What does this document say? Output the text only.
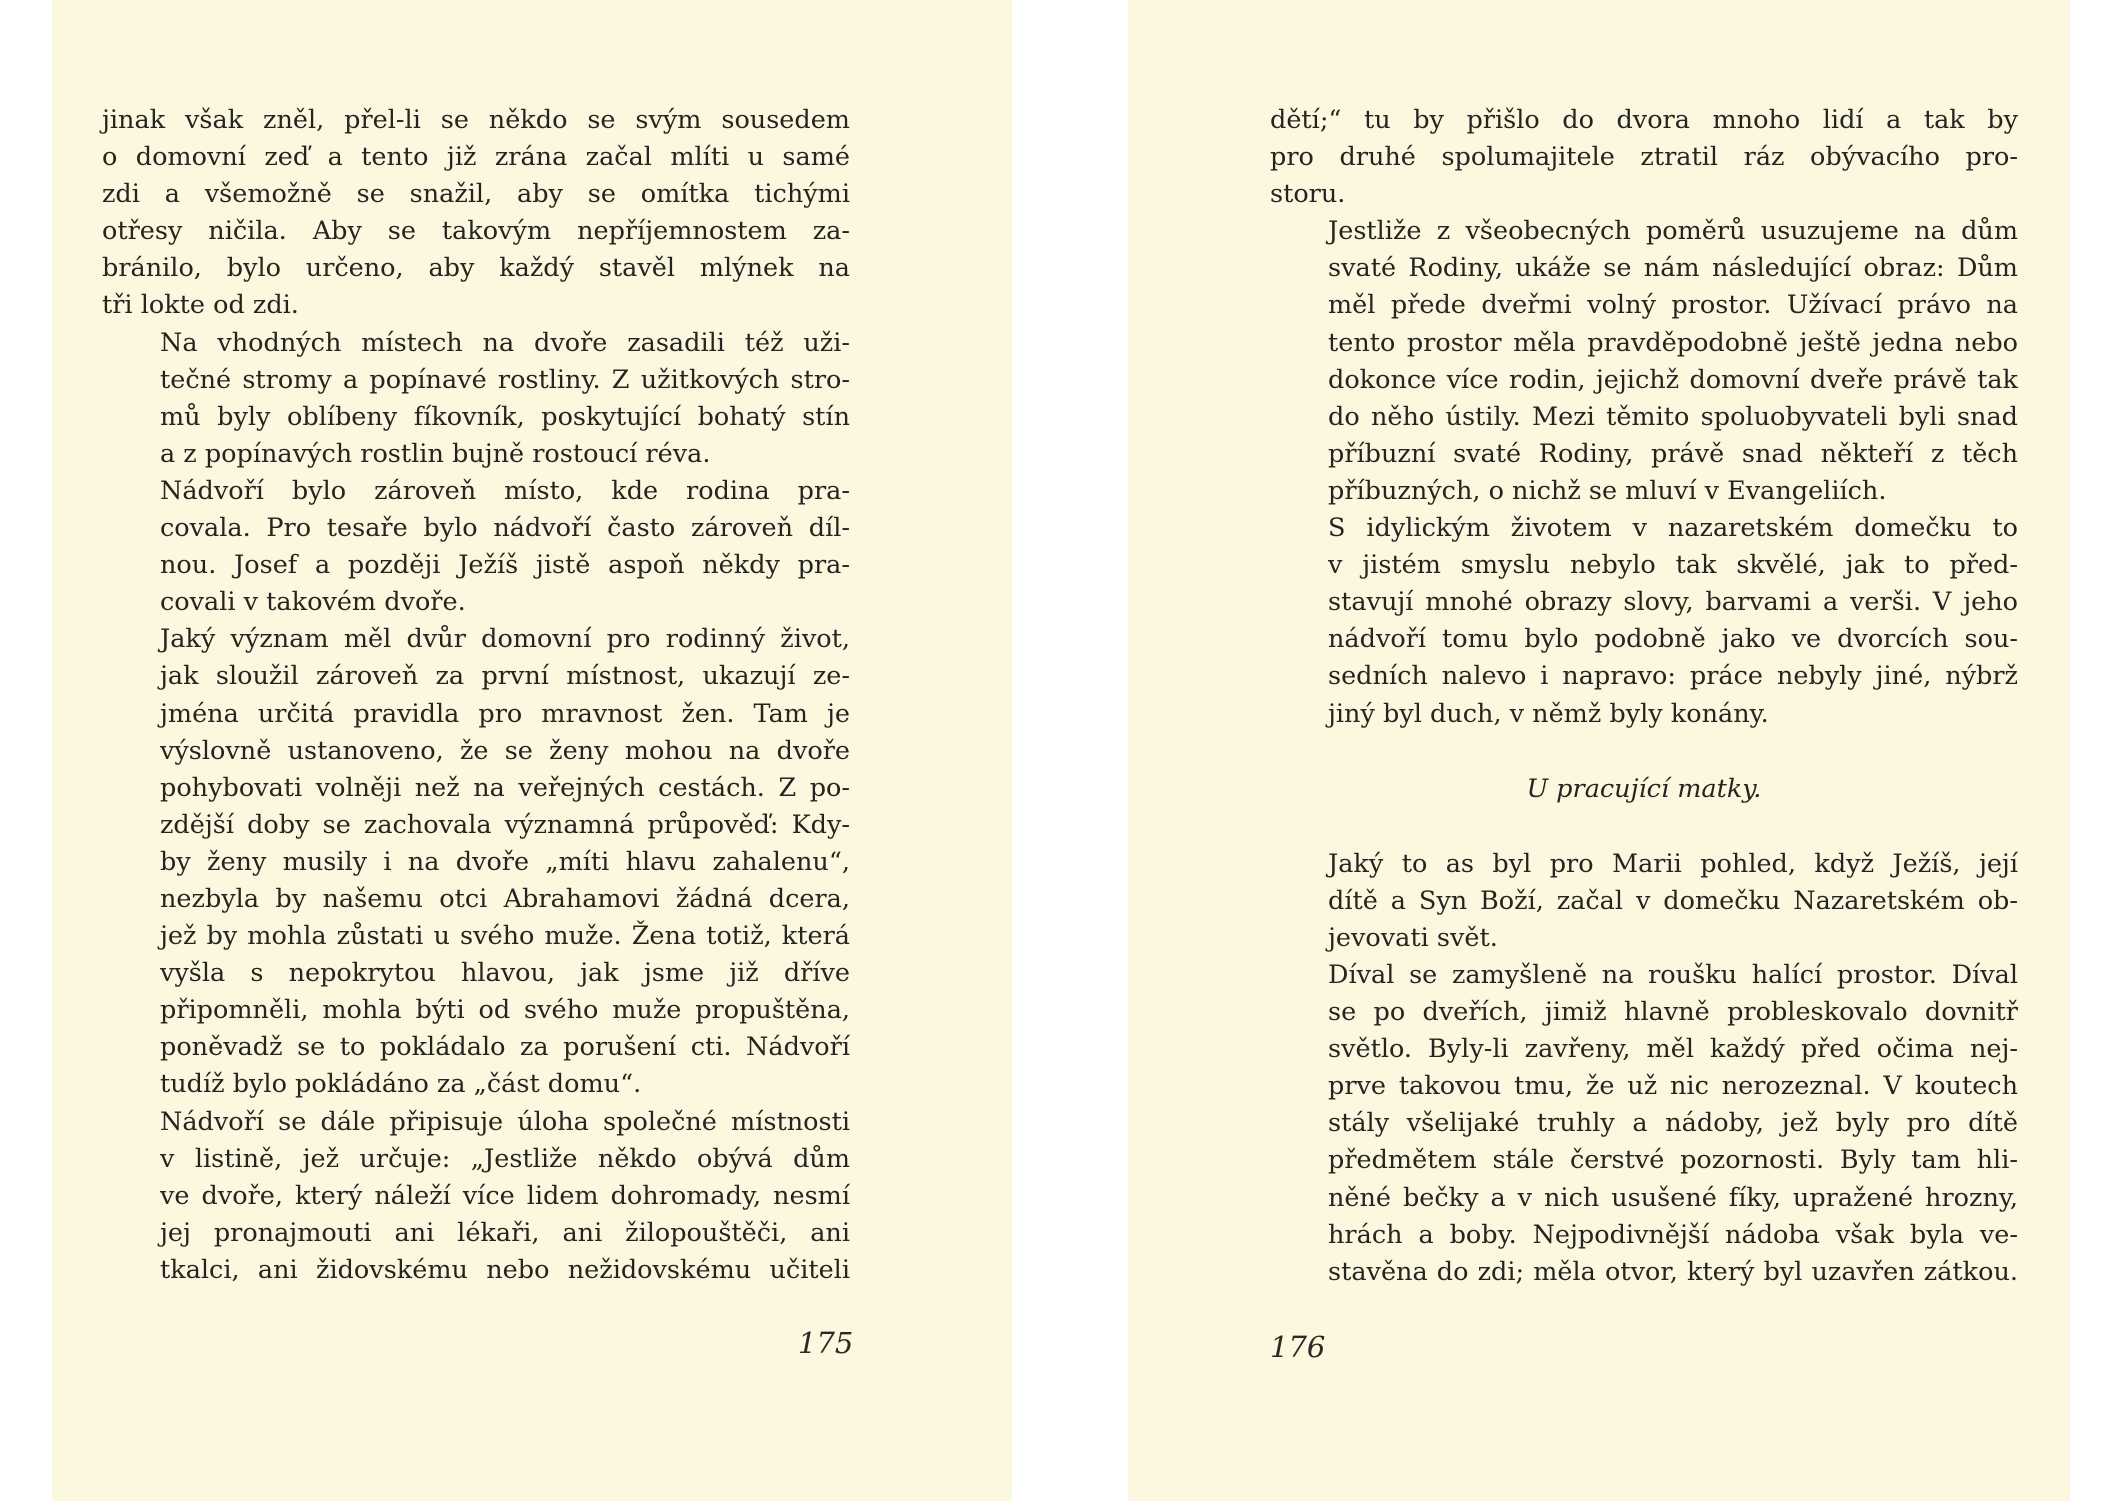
jinak však zněl, přel-li se někdo se svým sousedem
o domovní zeď a tento již zrána začal mlíti u samé
zdi a všemožně se snažil, aby se omítka tichými
otřesy ničila. Aby se takovým nepříjemnostem za-
bránilo, bylo určeno, aby každý stavěl mlýnek na
tři lokte od zdi.

Na vhodných místech na dvoře zasadili též uži-
tečné stromy a popínavé rostliny. Z užitkových stro-
mů byly oblíbeny fíkovník, poskytující bohatý stín
a z popínavých rostlin bujně rostoucí réva.

Nádvoří bylo zároveň místo, kde rodina pra-
covala. Pro tesaře bylo nádvoří často zároveň díl-
nou. Josef a později Ježíš jistě aspoň někdy pra-
covali v takovém dvoře.

Jaký význam měl dvůr domovní pro rodinný život,
jak sloužil zároveň za první místnost, ukazují ze-
jména určitá pravidla pro mravnost žen. Tam je
výslovně ustanoveno, že se ženy mohou na dvoře
pohybovati volněji než na veřejných cestách. Z po-
zdější doby se zachovala významná průpověď: Kdy-
by ženy musily i na dvoře „míti hlavu zahalenu“,
nezbyla by našemu otci Abrahamovi žádná dcera,
jež by mohla zůstati u svého muže. Žena totiž, která
vyšla s nepokrytou hlavou, jak jsme již dříve
připomněli, mohla býti od svého muže propuštěna,
poněvadž se to pokládalo za porušení cti. Nádvoří
tudíž bylo pokládáno za „část domu“.

Nádvoří se dále připisuje úloha společné místnosti
v listině, jež určuje: „Jestliže někdo obývá dům
ve dvoře, který náleží více lidem dohromady, nesmí
jej pronajmouti ani lékaři, ani žilopouštěči, ani
tkalci, ani židovskému nebo nežidovskému učiteli

175

dětí;“ tu by přišlo do dvora mnoho lidí a tak by
pro druhé spolumajitele ztratil ráz obývacího pro-
storu.

Jestliže z všeobecných poměrů usuzujeme na dům
svaté Rodiny, ukáže se nám následující obraz: Dům
měl přede dveřmi volný prostor. Užívací právo na
tento prostor měla pravděpodobně ještě jedna nebo
dokonce více rodin, jejichž domovní dveře právě tak
do něho ústily. Mezi těmito spoluobyvateli byli snad
příbuzní svaté Rodiny, právě snad někteří z těch
příbuzných, o nichž se mluví v Evangeliích.

S idylickým životem v nazaretském domečku to
v jistém smyslu nebylo tak skvělé, jak to před-
stavují mnohé obrazy slovy, barvami a verši. V jeho
nádvoří tomu bylo podobně jako ve dvorcích sou-
sedních nalevo i napravo: práce nebyly jiné, nýbrž
jiný byl duch, v němž byly konány.

U pracující matky.

Jaký to as byl pro Marii pohled, když Ježíš, její
dítě a Syn Boží, začal v domečku Nazaretském ob-
jevovati svět.

Díval se zamyšleně na roušku halící prostor. Díval
se po dveřích, jimiž hlavně probleskovalo dovnitř
světlo. Byly-li zavřeny, měl každý před očima nej-
prve takovou tmu, že už nic nerozeznal. V koutech
stály všelijaké truhly a nádoby, jež byly pro dítě
předmětem stále čerstvé pozornosti. Byly tam hli-
něné bečky a v nich usušené fíky, upražené hrozny,
hrách a boby. Nejpodivnější nádoba však byla ve-
stavěna do zdi; měla otvor, který byl uzavřen zátkou.

176
